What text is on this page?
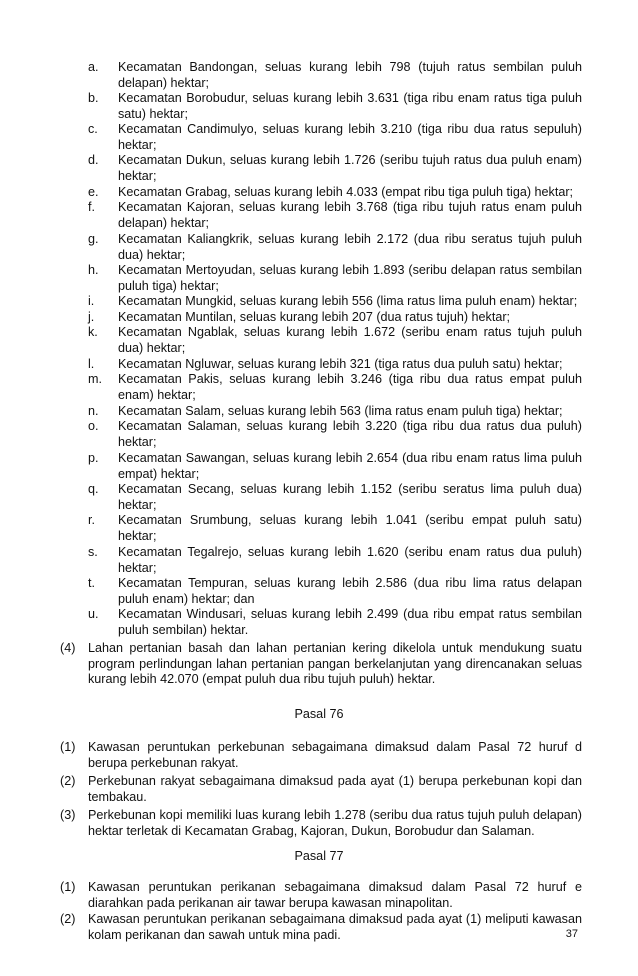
a. Kecamatan Bandongan, seluas kurang lebih 798 (tujuh ratus sembilan puluh delapan) hektar;
b. Kecamatan Borobudur, seluas kurang lebih 3.631 (tiga ribu enam ratus tiga puluh satu) hektar;
c. Kecamatan Candimulyo, seluas kurang lebih 3.210 (tiga ribu dua ratus sepuluh) hektar;
d. Kecamatan Dukun, seluas kurang lebih 1.726 (seribu tujuh ratus dua puluh enam) hektar;
e. Kecamatan Grabag, seluas kurang lebih 4.033 (empat ribu tiga puluh tiga) hektar;
f. Kecamatan Kajoran, seluas kurang lebih 3.768 (tiga ribu tujuh ratus enam puluh delapan) hektar;
g. Kecamatan Kaliangkrik, seluas kurang lebih 2.172 (dua ribu seratus tujuh puluh dua) hektar;
h. Kecamatan Mertoyudan, seluas kurang lebih 1.893 (seribu delapan ratus sembilan puluh tiga) hektar;
i. Kecamatan Mungkid, seluas kurang lebih 556 (lima ratus lima puluh enam) hektar;
j. Kecamatan Muntilan, seluas kurang lebih 207 (dua ratus tujuh) hektar;
k. Kecamatan Ngablak, seluas kurang lebih 1.672 (seribu enam ratus tujuh puluh dua) hektar;
l. Kecamatan Ngluwar, seluas kurang lebih 321 (tiga ratus dua puluh satu) hektar;
m. Kecamatan Pakis, seluas kurang lebih 3.246 (tiga ribu dua ratus empat puluh enam) hektar;
n. Kecamatan Salam, seluas kurang lebih 563 (lima ratus enam puluh tiga) hektar;
o. Kecamatan Salaman, seluas kurang lebih 3.220 (tiga ribu dua ratus dua puluh) hektar;
p. Kecamatan Sawangan, seluas kurang lebih 2.654 (dua ribu enam ratus lima puluh empat) hektar;
q. Kecamatan Secang, seluas kurang lebih 1.152 (seribu seratus lima puluh dua) hektar;
r. Kecamatan Srumbung, seluas kurang lebih 1.041 (seribu empat puluh satu) hektar;
s. Kecamatan Tegalrejo, seluas kurang lebih 1.620 (seribu enam ratus dua puluh) hektar;
t. Kecamatan Tempuran, seluas kurang lebih 2.586 (dua ribu lima ratus delapan puluh enam) hektar; dan
u. Kecamatan Windusari, seluas kurang lebih 2.499 (dua ribu empat ratus sembilan puluh sembilan) hektar.
(4) Lahan pertanian basah dan lahan pertanian kering dikelola untuk mendukung suatu program perlindungan lahan pertanian pangan berkelanjutan yang direncanakan seluas kurang lebih 42.070 (empat puluh dua ribu tujuh puluh) hektar.
Pasal 76
(1) Kawasan peruntukan perkebunan sebagaimana dimaksud dalam Pasal 72 huruf d berupa perkebunan rakyat.
(2) Perkebunan rakyat sebagaimana dimaksud pada ayat (1) berupa perkebunan kopi dan tembakau.
(3) Perkebunan kopi memiliki luas kurang lebih 1.278 (seribu dua ratus tujuh puluh delapan) hektar terletak di Kecamatan Grabag, Kajoran, Dukun, Borobudur dan Salaman.
Pasal 77
(1) Kawasan peruntukan perikanan sebagaimana dimaksud dalam Pasal 72 huruf e diarahkan pada perikanan air tawar berupa kawasan minapolitan.
(2) Kawasan peruntukan perikanan sebagaimana dimaksud pada ayat (1) meliputi kawasan kolam perikanan dan sawah untuk mina padi.	37
